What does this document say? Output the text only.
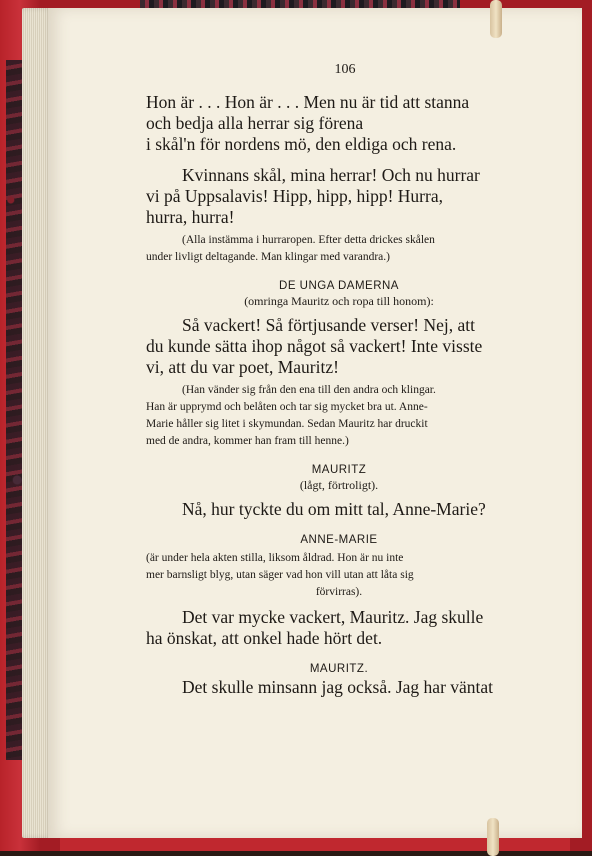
106

Hon är . . . Hon är . . . Men nu är tid att stanna
och bedja alla herrar sig förena
i skål'n för nordens mö, den eldiga och rena.

Kvinnans skål, mina herrar! Och nu hurrar
vi på Uppsalavis! Hipp, hipp, hipp! Hurra,
hurra, hurra!

(Alla instämma i hurraropen. Efter detta drickes skålen
under livligt deltagande. Man klingar med varandra.)
DE UNGA DAMERNA
(omringa Mauritz och ropa till honom):

Så vackert! Så förtjusande verser! Nej, att
du kunde sätta ihop något så vackert! Inte visste
vi, att du var poet, Mauritz!

(Han vänder sig från den ena till den andra och klingar.
Han är upprymd och belåten och tar sig mycket bra ut. Anne-
Marie håller sig litet i skymundan. Sedan Mauritz har druckit
med de andra, kommer han fram till henne.)
MAURITZ
(lågt, förtroligt).

Nå, hur tyckte du om mitt tal, Anne-Marie?

ANNE-MARIE
(är under hela akten stilla, liksom åldrad. Hon är nu inte
mer barnsligt blyg, utan säger vad hon vill utan att låta sig
förvirras).

Det var mycke vackert, Mauritz. Jag skulle
ha önskat, att onkel hade hört det.

MAURITZ.

Det skulle minsann jag också. Jag har väntat
